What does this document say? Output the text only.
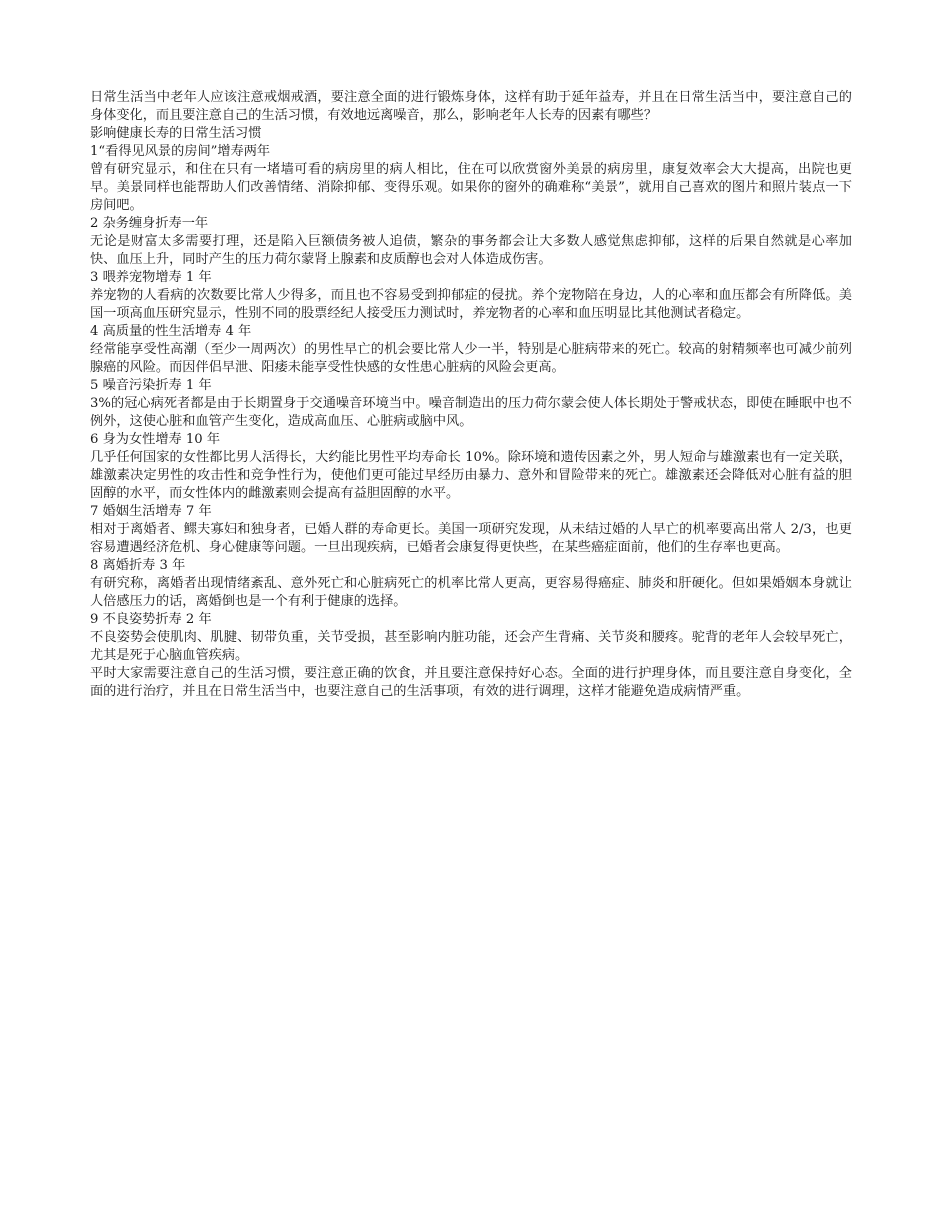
日常生活当中老年人应该注意戒烟戒酒，要注意全面的进行锻炼身体，这样有助于延年益寿，并且在日常生活当中，要注意自己的身体变化，而且要注意自己的生活习惯，有效地远离噪音，那么，影响老年人长寿的因素有哪些？

影响健康长寿的日常生活习惯

1“看得见风景的房间”增寿两年

曾有研究显示，和住在只有一堵墙可看的病房里的病人相比，住在可以欣赏窗外美景的病房里，康复效率会大大提高，出院也更早。美景同样也能帮助人们改善情绪、消除抑郁、变得乐观。如果你的窗外的确难称“美景”，就用自己喜欢的图片和照片装点一下房间吧。

2 杂务缠身折寿一年

无论是财富太多需要打理，还是陷入巨额债务被人追债，繁杂的事务都会让大多数人感觉焦虑抑郁，这样的后果自然就是心率加快、血压上升，同时产生的压力荷尔蒙肾上腺素和皮质醇也会对人体造成伤害。

3 喂养宠物增寿 1 年

养宠物的人看病的次数要比常人少得多，而且也不容易受到抑郁症的侵扰。养个宠物陪在身边，人的心率和血压都会有所降低。美国一项高血压研究显示，性别不同的股票经纪人接受压力测试时，养宠物者的心率和血压明显比其他测试者稳定。

4 高质量的性生活增寿 4 年

经常能享受性高潮（至少一周两次）的男性早亡的机会要比常人少一半，特别是心脏病带来的死亡。较高的射精频率也可减少前列腺癌的风险。而因伴侣早泄、阳痿未能享受性快感的女性患心脏病的风险会更高。

5 噪音污染折寿 1 年

3%的冠心病死者都是由于长期置身于交通噪音环境当中。噪音制造出的压力荷尔蒙会使人体长期处于警戒状态，即使在睡眠中也不例外，这使心脏和血管产生变化，造成高血压、心脏病或脑中风。

6 身为女性增寿 10 年

几乎任何国家的女性都比男人活得长，大约能比男性平均寿命长 10%。除环境和遗传因素之外，男人短命与雄激素也有一定关联，雄激素决定男性的攻击性和竞争性行为，使他们更可能过早经历由暴力、意外和冒险带来的死亡。雄激素还会降低对心脏有益的胆固醇的水平，而女性体内的雌激素则会提高有益胆固醇的水平。

7 婚姻生活增寿 7 年

相对于离婚者、鳏夫寡妇和独身者，已婚人群的寿命更长。美国一项研究发现，从未结过婚的人早亡的机率要高出常人 2/3，也更容易遭遇经济危机、身心健康等问题。一旦出现疾病，已婚者会康复得更快些，在某些癌症面前，他们的生存率也更高。

8 离婚折寿 3 年

有研究称，离婚者出现情绪紊乱、意外死亡和心脏病死亡的机率比常人更高，更容易得癌症、肺炎和肝硬化。但如果婚姻本身就让人倍感压力的话，离婚倒也是一个有利于健康的选择。

9 不良姿势折寿 2 年

不良姿势会使肌肉、肌腱、韧带负重，关节受损，甚至影响内脏功能，还会产生背痛、关节炎和腰疼。驼背的老年人会较早死亡，尤其是死于心脑血管疾病。

平时大家需要注意自己的生活习惯，要注意正确的饮食，并且要注意保持好心态。全面的进行护理身体，而且要注意自身变化，全面的进行治疗，并且在日常生活当中，也要注意自己的生活事项，有效的进行调理，这样才能避免造成病情严重。
